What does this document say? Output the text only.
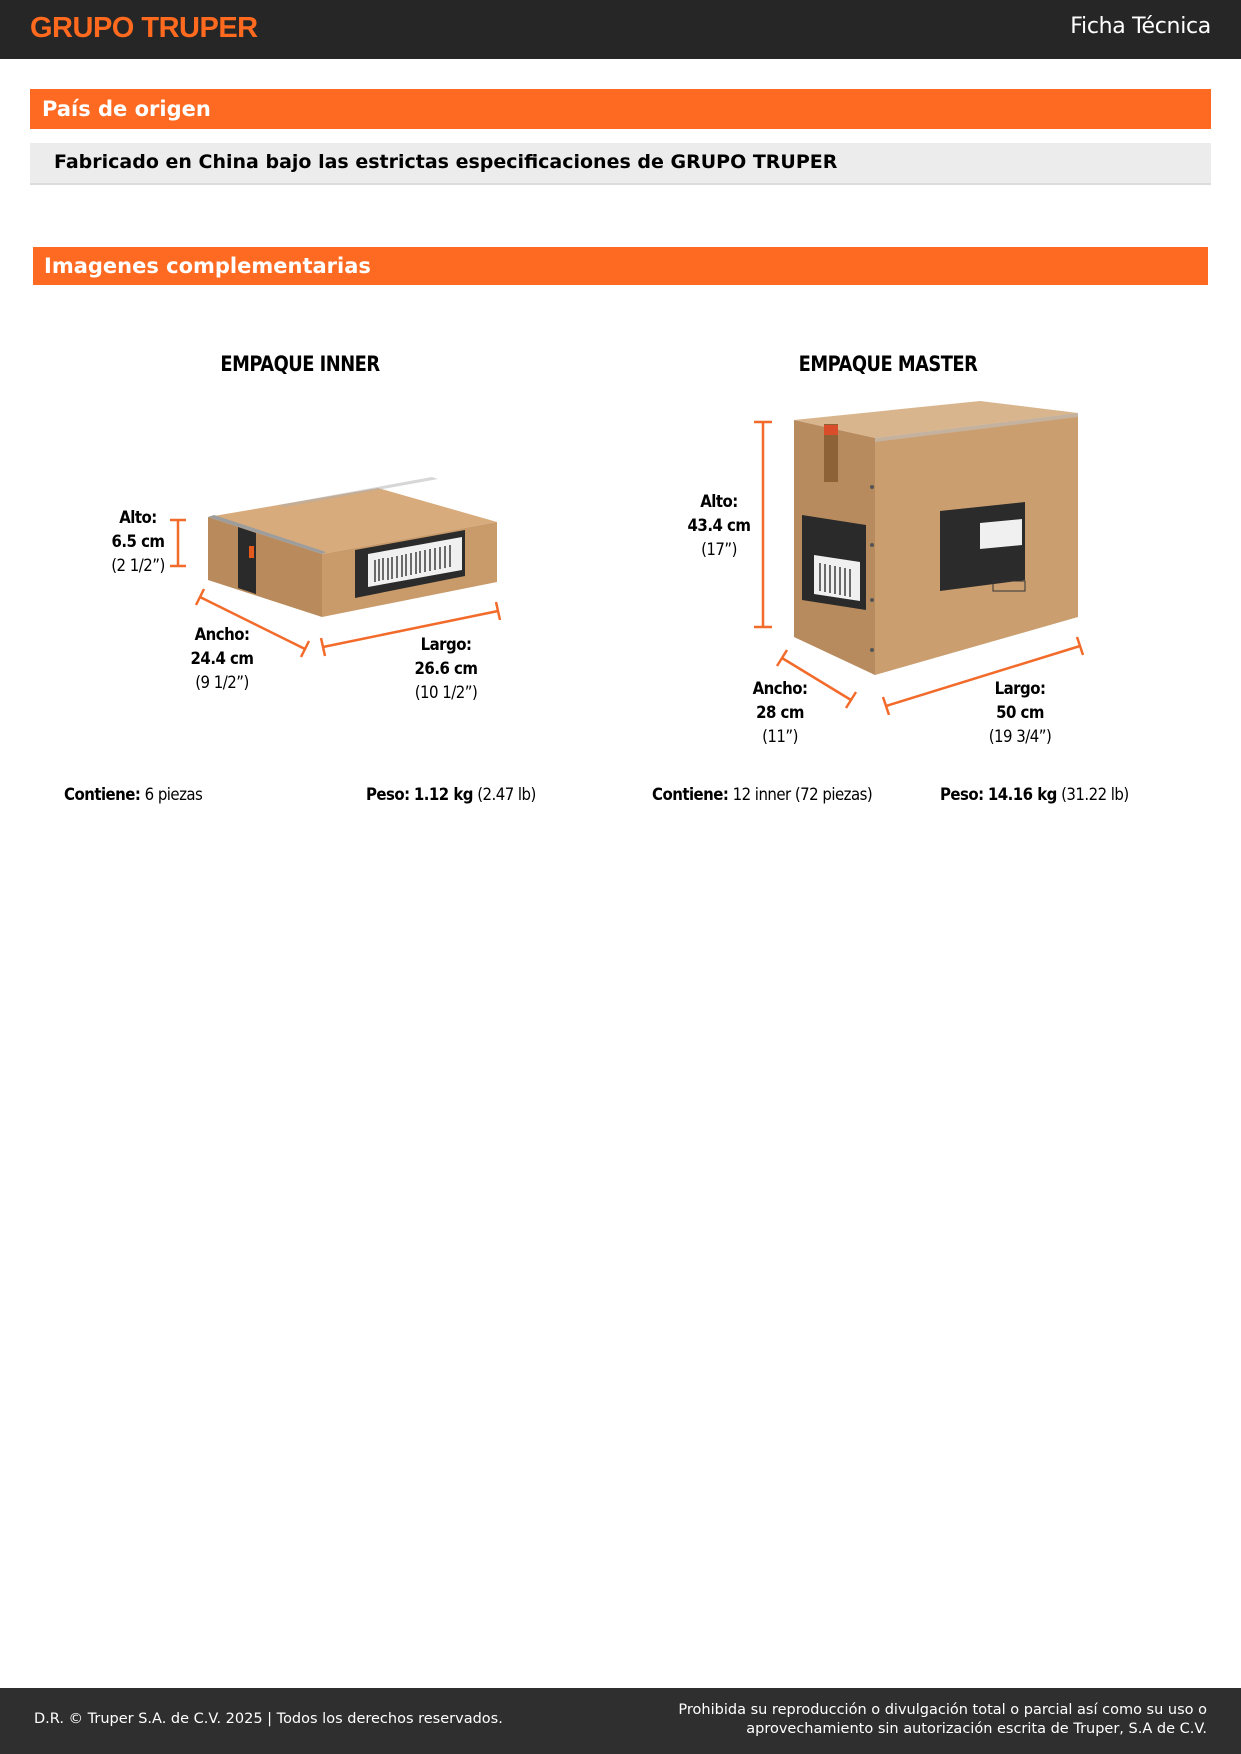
GRUPO TRUPER	Ficha Técnica
País de origen
Fabricado en China bajo las estrictas especificaciones de GRUPO TRUPER
Imagenes complementarias
EMPAQUE INNER
Alto:
6.5 cm
(2 1/2”)
Ancho:
24.4 cm
(9 1/2”)
Largo:
26.6 cm
(10 1/2”)
Contiene: 6 piezas	Peso: 1.12 kg (2.47 lb)
EMPAQUE MASTER
Alto:
43.4 cm
(17”)
Ancho:
28 cm
(11”)
Largo:
50 cm
(19 3/4”)
Contiene: 12 inner (72 piezas)	Peso: 14.16 kg (31.22 lb)
D.R. © Truper S.A. de C.V. 2025 | Todos los derechos reservados.
Prohibida su reproducción o divulgación total o parcial así como su uso o
aprovechamiento sin autorización escrita de Truper, S.A de C.V.
